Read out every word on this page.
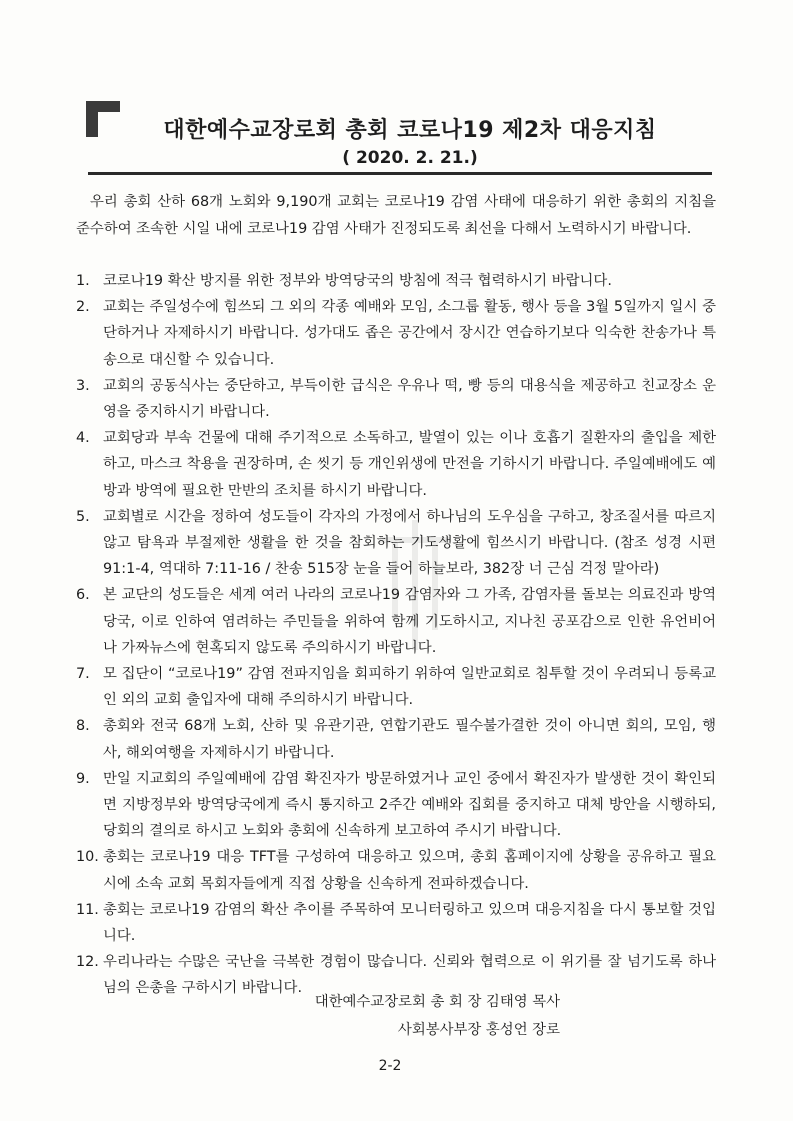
대한예수교장로회 총회 코로나19 제2차 대응지침
( 2020. 2. 21.)
우리 총회 산하 68개 노회와 9,190개 교회는 코로나19 감염 사태에 대응하기 위한 총회의 지침을 준수하여 조속한 시일 내에 코로나19 감염 사태가 진정되도록 최선을 다해서 노력하시기 바랍니다.
1. 코로나19 확산 방지를 위한 정부와 방역당국의 방침에 적극 협력하시기 바랍니다.
2. 교회는 주일성수에 힘쓰되 그 외의 각종 예배와 모임, 소그룹 활동, 행사 등을 3월 5일까지 일시 중단하거나 자제하시기 바랍니다. 성가대도 좁은 공간에서 장시간 연습하기보다 익숙한 찬송가나 특송으로 대신할 수 있습니다.
3. 교회의 공동식사는 중단하고, 부득이한 급식은 우유나 떡, 빵 등의 대용식을 제공하고 친교장소 운영을 중지하시기 바랍니다.
4. 교회당과 부속 건물에 대해 주기적으로 소독하고, 발열이 있는 이나 호흡기 질환자의 출입을 제한하고, 마스크 착용을 권장하며, 손 씻기 등 개인위생에 만전을 기하시기 바랍니다. 주일예배에도 예방과 방역에 필요한 만반의 조치를 하시기 바랍니다.
5. 교회별로 시간을 정하여 성도들이 각자의 가정에서 하나님의 도우심을 구하고, 창조질서를 따르지 않고 탐욕과 부절제한 생활을 한 것을 참회하는 기도생활에 힘쓰시기 바랍니다. (참조 성경 시편 91:1-4, 역대하 7:11-16 / 찬송 515장 눈을 들어 하늘보라, 382장 너 근심 걱정 말아라)
6. 본 교단의 성도들은 세계 여러 나라의 코로나19 감염자와 그 가족, 감염자를 돌보는 의료진과 방역당국, 이로 인하여 염려하는 주민들을 위하여 함께 기도하시고, 지나친 공포감으로 인한 유언비어나 가짜뉴스에 현혹되지 않도록 주의하시기 바랍니다.
7. 모 집단이 “코로나19” 감염 전파지임을 회피하기 위하여 일반교회로 침투할 것이 우려되니 등록교인 외의 교회 출입자에 대해 주의하시기 바랍니다.
8. 총회와 전국 68개 노회, 산하 및 유관기관, 연합기관도 필수불가결한 것이 아니면 회의, 모임, 행사, 해외여행을 자제하시기 바랍니다.
9. 만일 지교회의 주일예배에 감염 확진자가 방문하였거나 교인 중에서 확진자가 발생한 것이 확인되면 지방정부와 방역당국에게 즉시 통지하고 2주간 예배와 집회를 중지하고 대체 방안을 시행하되, 당회의 결의로 하시고 노회와 총회에 신속하게 보고하여 주시기 바랍니다.
10. 총회는 코로나19 대응 TFT를 구성하여 대응하고 있으며, 총회 홈페이지에 상황을 공유하고 필요시에 소속 교회 목회자들에게 직접 상황을 신속하게 전파하겠습니다.
11. 총회는 코로나19 감염의 확산 추이를 주목하여 모니터링하고 있으며 대응지침을 다시 통보할 것입니다.
12. 우리나라는 수많은 국난을 극복한 경험이 많습니다. 신뢰와 협력으로 이 위기를 잘 넘기도록 하나님의 은총을 구하시기 바랍니다.
대한예수교장로회 총 회 장 김태영 목사
사회봉사부장 홍성언 장로
2-2
